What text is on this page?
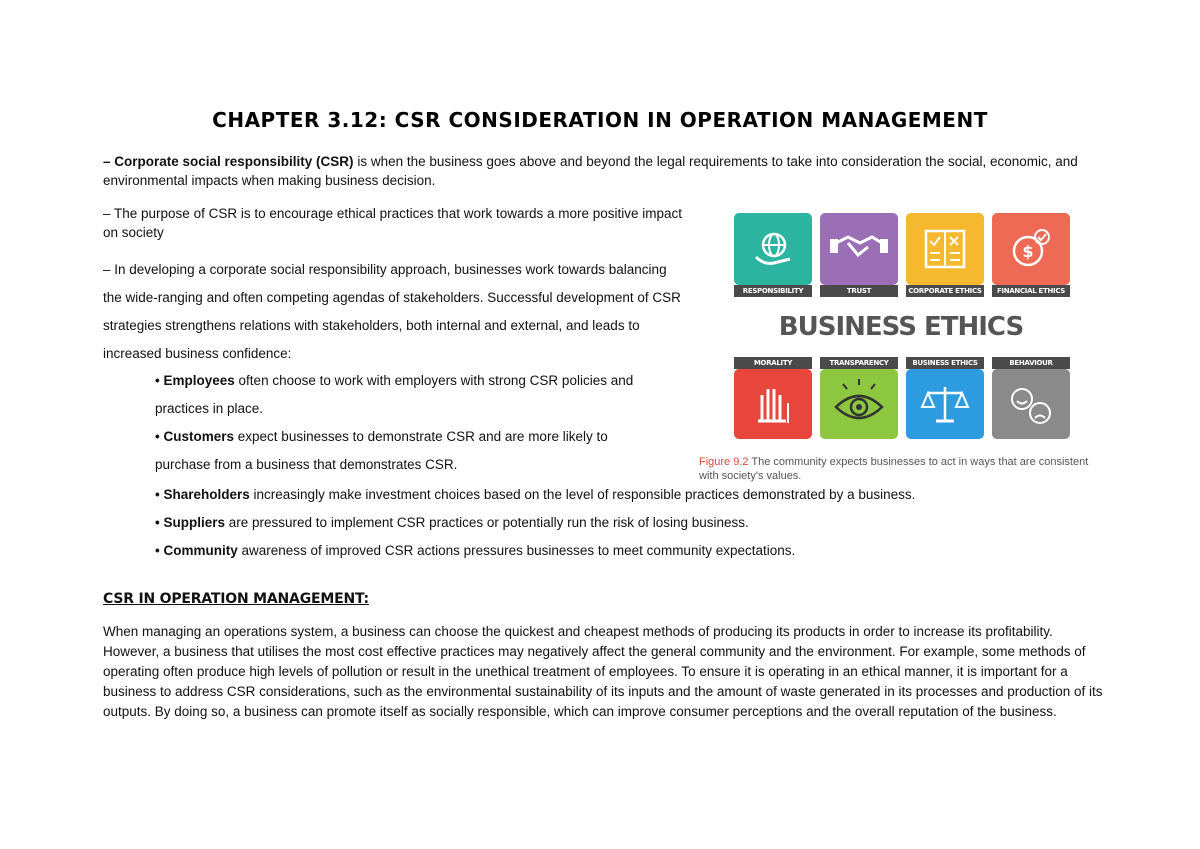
CHAPTER 3.12: CSR CONSIDERATION IN OPERATION MANAGEMENT

– Corporate social responsibility (CSR) is when the business goes above and beyond the legal requirements to take into consideration the social, economic, and environmental impacts when making business decision.

– The purpose of CSR is to encourage ethical practices that work towards a more positive impact on society

– In developing a corporate social responsibility approach, businesses work towards balancing the wide-ranging and often competing agendas of stakeholders. Successful development of CSR strategies strengthens relations with stakeholders, both internal and external, and leads to increased business confidence:

• Employees often choose to work with employers with strong CSR policies and
practices in place.
• Customers expect businesses to demonstrate CSR and are more likely to
purchase from a business that demonstrates CSR.
• Shareholders increasingly make investment choices based on the level of responsible practices demonstrated by a business.
• Suppliers are pressured to implement CSR practices or potentially run the risk of losing business.
• Community awareness of improved CSR actions pressures businesses to meet community expectations.
CSR IN OPERATION MANAGEMENT:

When managing an operations system, a business can choose the quickest and cheapest methods of producing its products in order to increase its profitability. However, a business that utilises the most cost effective practices may negatively affect the general community and the environment. For example, some methods of operating often produce high levels of pollution or result in the unethical treatment of employees. To ensure it is operating in an ethical manner, it is important for a business to address CSR considerations, such as the environmental sustainability of its inputs and the amount of waste generated in its processes and production of its outputs. By doing so, a business can promote itself as socially responsible, which can improve consumer perceptions and the overall reputation of the business.

RESPONSIBILITY	TRUST	CORPORATE ETHICS
$
FINANCIAL ETHICS
BUSINESS ETHICS
MORALITY	TRANSPARENCY	BUSINESS ETHICS	BEHAVIOUR
Figure 9.2 The community expects businesses to act in ways that are consistent with society's values.
